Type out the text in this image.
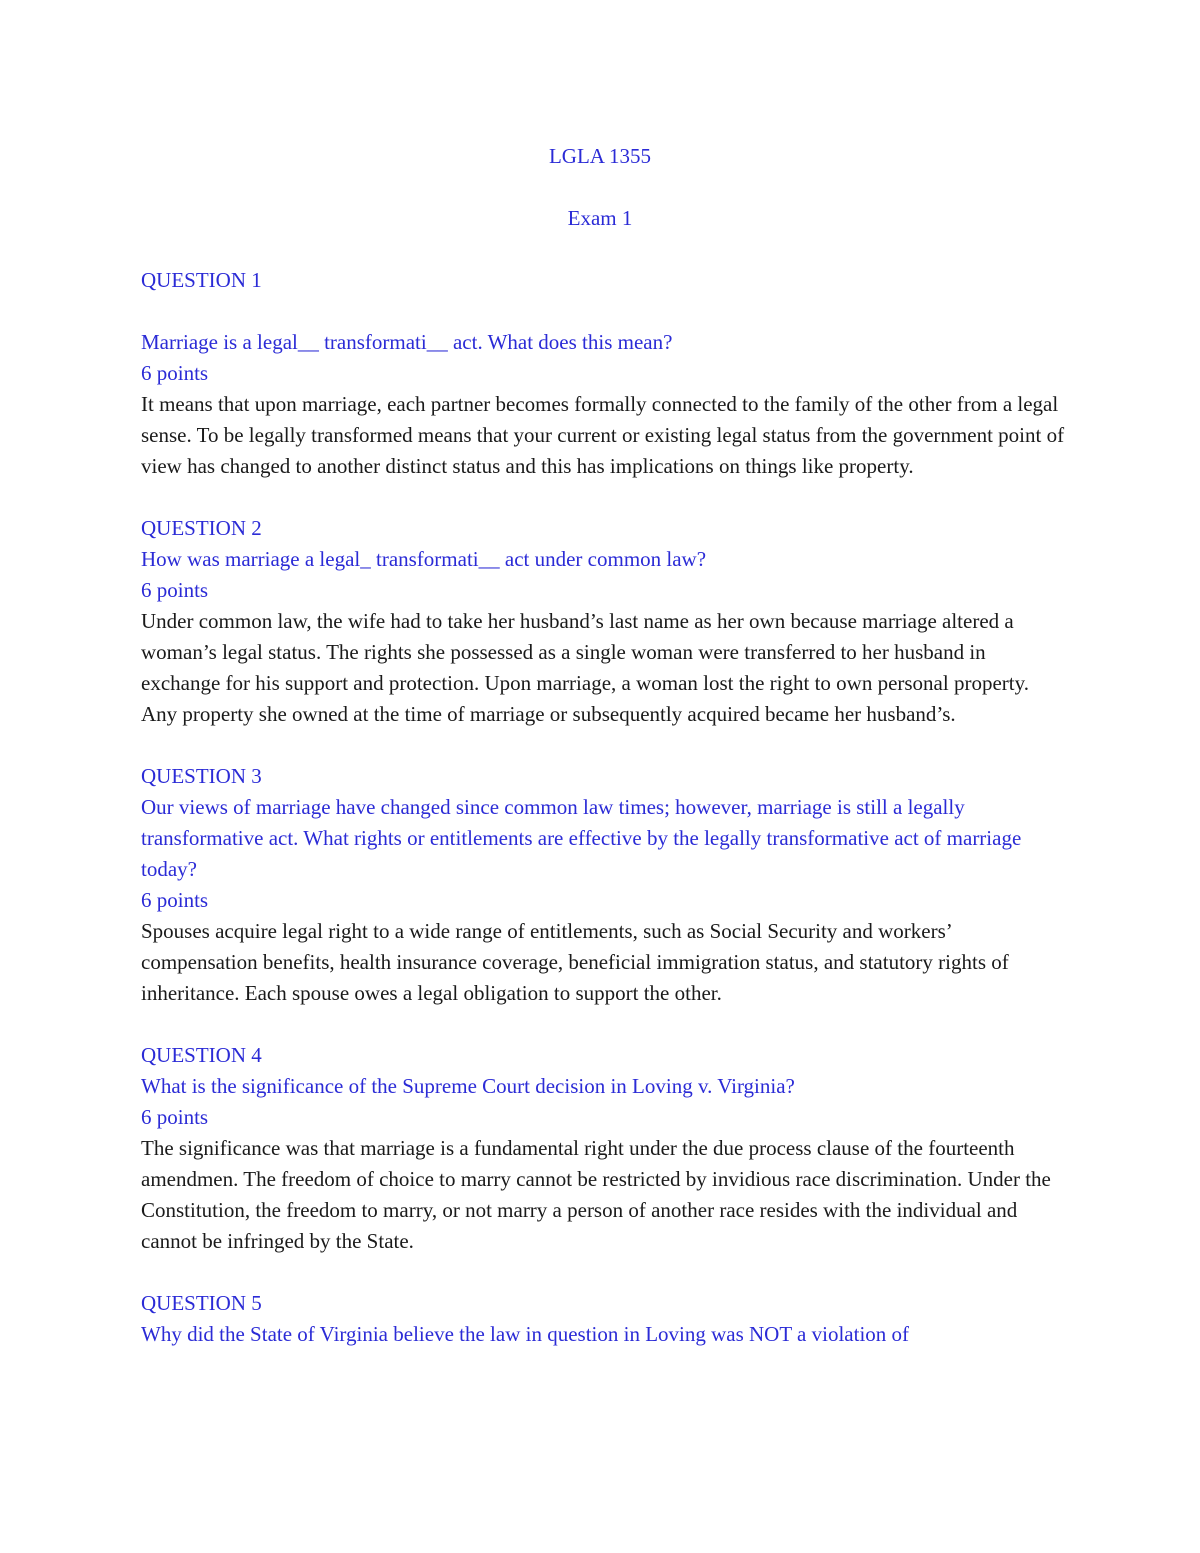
LGLA 1355
Exam 1

QUESTION 1

Marriage is a legal__ transformati__ act. What does this mean?

6 points

It means that upon marriage, each partner becomes formally connected to the family of the other from a legal sense. To be legally transformed means that your current or existing legal status from the government point of view has changed to another distinct status and this has implications on things like property.

QUESTION 2

How was marriage a legal_ transformati__ act under common law?

6 points

Under common law, the wife had to take her husband’s last name as her own because marriage altered a woman’s legal status. The rights she possessed as a single woman were transferred to her husband in exchange for his support and protection. Upon marriage, a woman lost the right to own personal property. Any property she owned at the time of marriage or subsequently acquired became her husband’s.

QUESTION 3

Our views of marriage have changed since common law times; however, marriage is still a legally transformative act. What rights or entitlements are effective by the legally transformative act of marriage today?

6 points

Spouses acquire legal right to a wide range of entitlements, such as Social Security and workers’ compensation benefits, health insurance coverage, beneficial immigration status, and statutory rights of inheritance. Each spouse owes a legal obligation to support the other.

QUESTION 4

What is the significance of the Supreme Court decision in Loving v. Virginia?

6 points

The significance was that marriage is a fundamental right under the due process clause of the fourteenth amendmen. The freedom of choice to marry cannot be restricted by invidious race discrimination. Under the Constitution, the freedom to marry, or not marry a person of another race resides with the individual and cannot be infringed by the State.

QUESTION 5

Why did the State of Virginia believe the law in question in Loving was NOT a violation of
